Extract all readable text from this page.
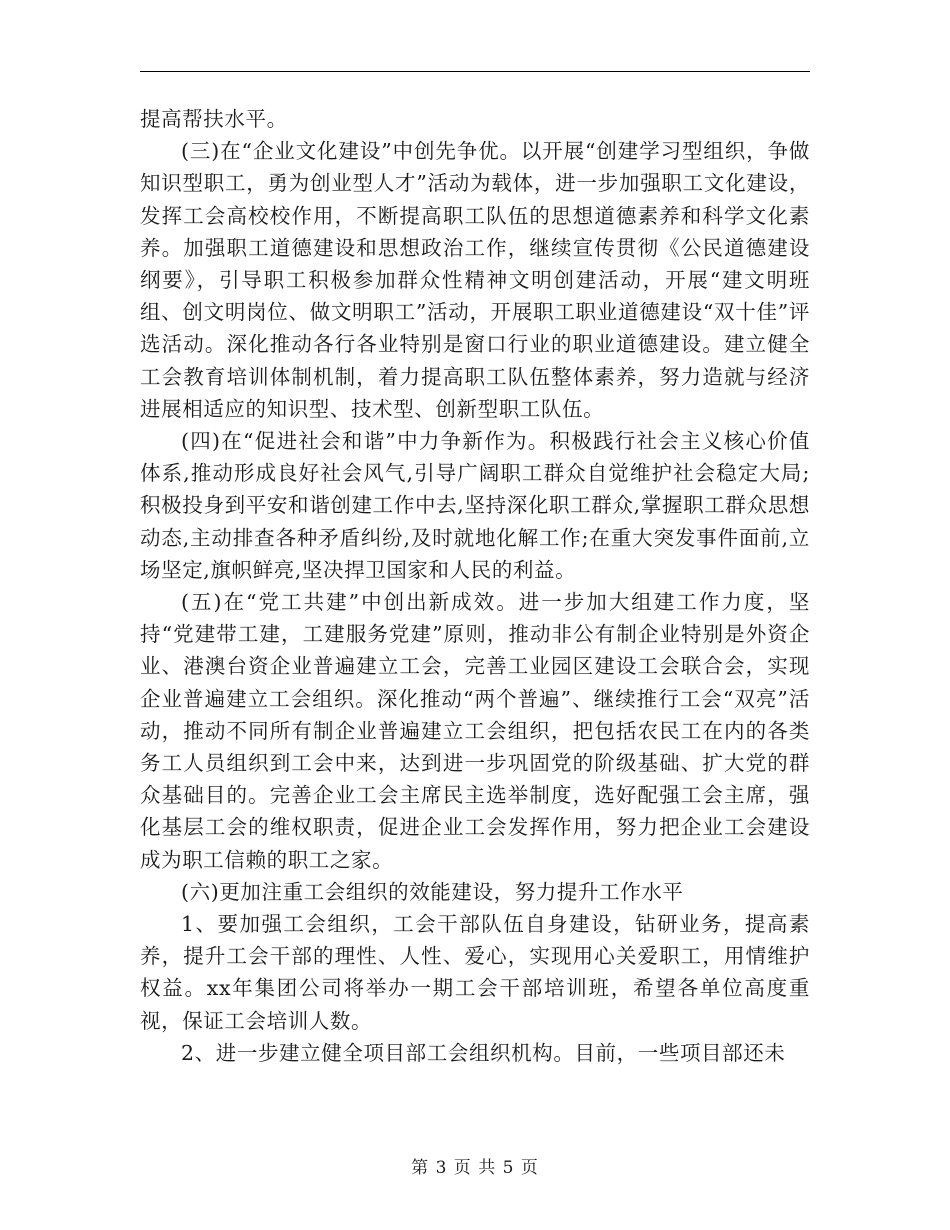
提高帮扶水平。

(三)在“企业文化建设”中创先争优。以开展“创建学习型组织，争做知识型职工，勇为创业型人才”活动为载体，进一步加强职工文化建设，发挥工会高校校作用，不断提高职工队伍的思想道德素养和科学文化素养。加强职工道德建设和思想政治工作，继续宣传贯彻《公民道德建设纲要》，引导职工积极参加群众性精神文明创建活动，开展“建文明班组、创文明岗位、做文明职工”活动，开展职工职业道德建设“双十佳”评选活动。深化推动各行各业特别是窗口行业的职业道德建设。建立健全工会教育培训体制机制，着力提高职工队伍整体素养，努力造就与经济进展相适应的知识型、技术型、创新型职工队伍。

(四)在“促进社会和谐”中力争新作为。积极践行社会主义核心价值体系,推动形成良好社会风气,引导广阔职工群众自觉维护社会稳定大局;积极投身到平安和谐创建工作中去,坚持深化职工群众,掌握职工群众思想动态,主动排查各种矛盾纠纷,及时就地化解工作;在重大突发事件面前,立场坚定,旗帜鲜亮,坚决捍卫国家和人民的利益。

(五)在“党工共建”中创出新成效。进一步加大组建工作力度，坚持“党建带工建，工建服务党建”原则，推动非公有制企业特别是外资企业、港澳台资企业普遍建立工会，完善工业园区建设工会联合会，实现企业普遍建立工会组织。深化推动“两个普遍”、继续推行工会“双亮”活动，推动不同所有制企业普遍建立工会组织，把包括农民工在内的各类务工人员组织到工会中来，达到进一步巩固党的阶级基础、扩大党的群众基础目的。完善企业工会主席民主选举制度，选好配强工会主席，强化基层工会的维权职责，促进企业工会发挥作用，努力把企业工会建设成为职工信赖的职工之家。

(六)更加注重工会组织的效能建设，努力提升工作水平

1、要加强工会组织，工会干部队伍自身建设，钻研业务，提高素养，提升工会干部的理性、人性、爱心，实现用心关爱职工，用情维护权益。xx年集团公司将举办一期工会干部培训班，希望各单位高度重视，保证工会培训人数。

2、进一步建立健全项目部工会组织机构。目前，一些项目部还未

第 3 页 共 5 页
